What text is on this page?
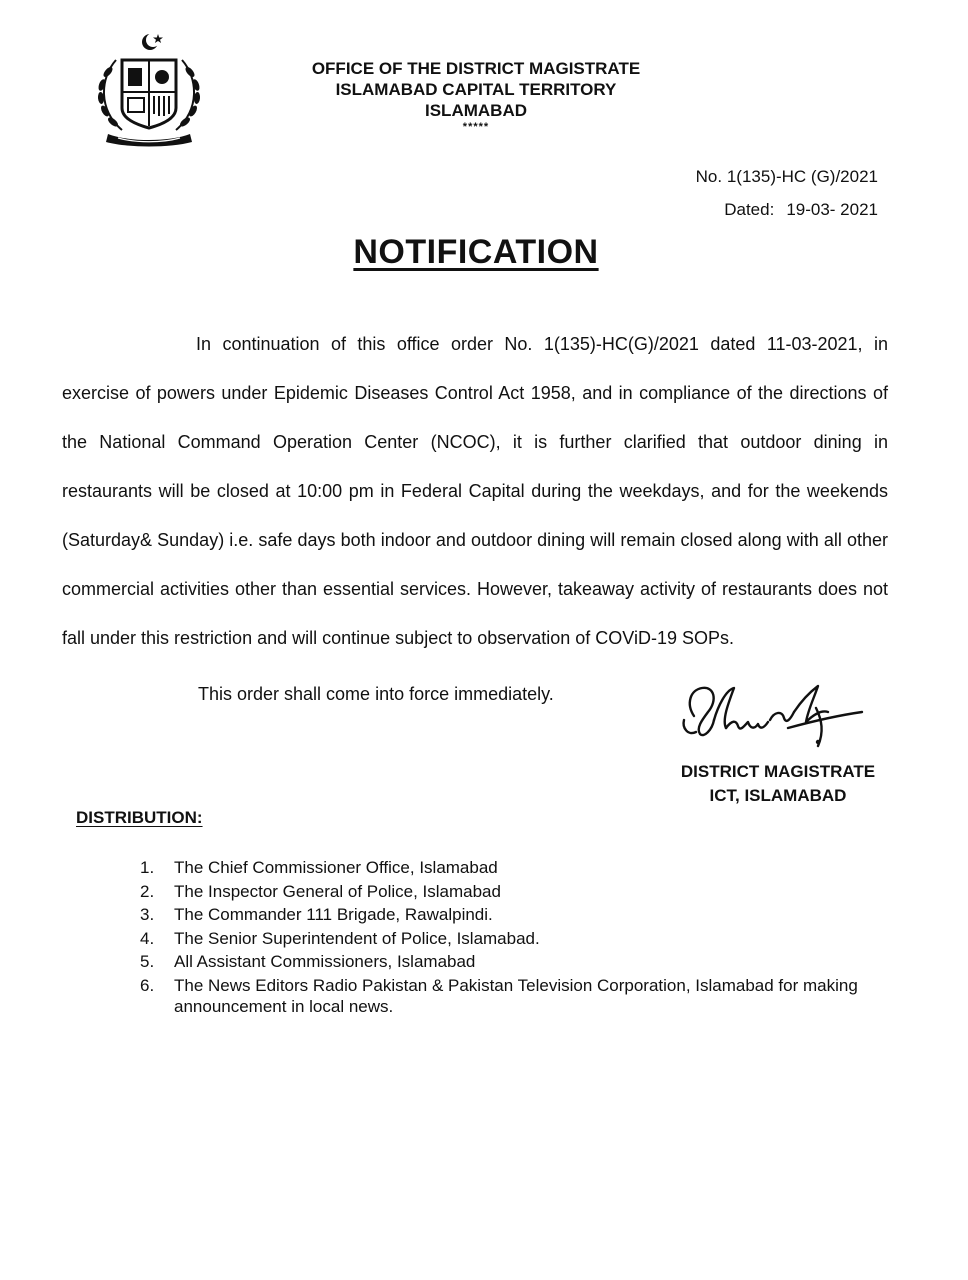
OFFICE OF THE DISTRICT MAGISTRATE
ISLAMABAD CAPITAL TERRITORY
ISLAMABAD
*****
No. 1(135)-HC (G)/2021
Dated: 19-03- 2021
NOTIFICATION

In continuation of this office order No. 1(135)-HC(G)/2021 dated 11-03-2021, in exercise of powers under Epidemic Diseases Control Act 1958, and in compliance of the directions of the National Command Operation Center (NCOC), it is further clarified that outdoor dining in restaurants will be closed at 10:00 pm in Federal Capital during the weekdays, and for the weekends (Saturday& Sunday) i.e. safe days both indoor and outdoor dining will remain closed along with all other commercial activities other than essential services. However, takeaway activity of restaurants does not fall under this restriction and will continue subject to observation of COViD-19 SOPs.

This order shall come into force immediately.

DISTRICT MAGISTRATE
ICT, ISLAMABAD
DISTRIBUTION:
1.	The Chief Commissioner Office, Islamabad
2.	The Inspector General of Police, Islamabad
3.	The Commander 111 Brigade, Rawalpindi.
4.	The Senior Superintendent of Police, Islamabad.
5.	All Assistant Commissioners, Islamabad
6.	The News Editors Radio Pakistan & Pakistan Television Corporation, Islamabad for making announcement in local news.
